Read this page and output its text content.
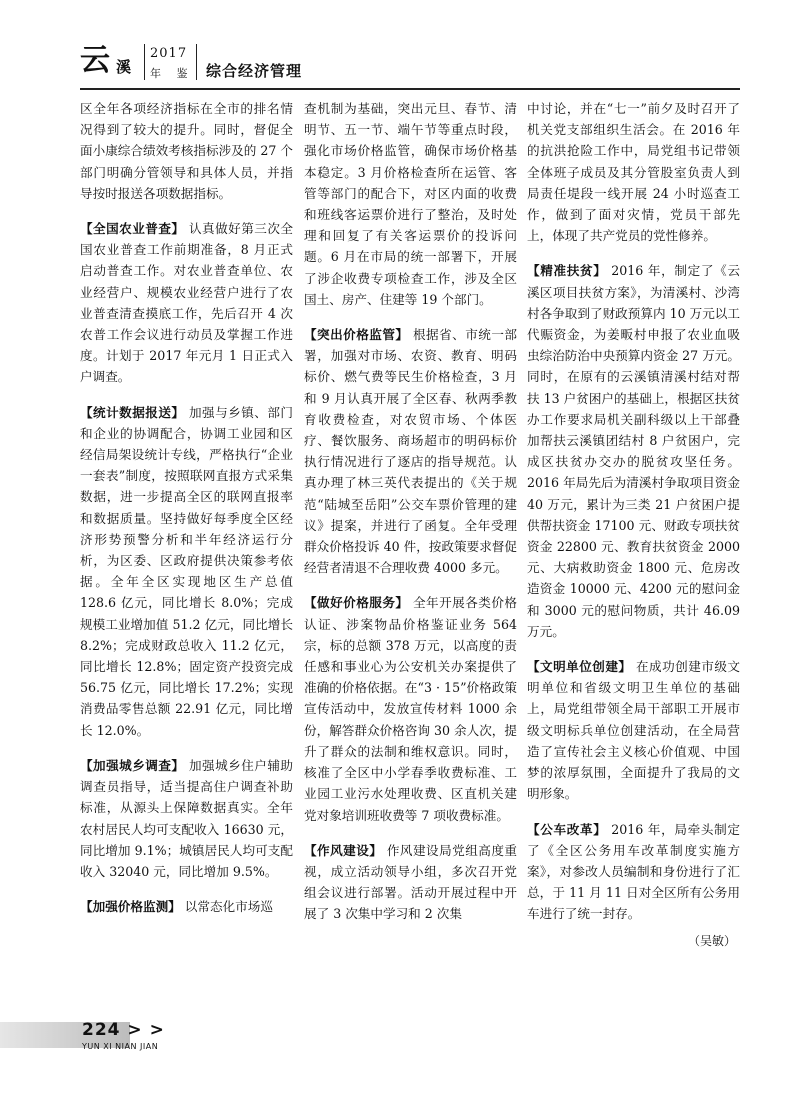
云 溪
2017
年 鉴 综合经济管理

区全年各项经济指标在全市的排名情况得到了较大的提升。同时，督促全面小康综合绩效考核指标涉及的 27 个部门明确分管领导和具体人员，并指导按时报送各项数据指标。

【全国农业普查】 认真做好第三次全国农业普查工作前期准备，8 月正式启动普查工作。对农业普查单位、农业经营户、规模农业经营户进行了农业普查清查摸底工作，先后召开 4 次农普工作会议进行动员及掌握工作进度。计划于 2017 年元月 1 日正式入户调查。

【统计数据报送】 加强与乡镇、部门和企业的协调配合，协调工业园和区经信局架设统计专线，严格执行“企业一套表”制度，按照联网直报方式采集数据，进一步提高全区的联网直报率和数据质量。坚持做好每季度全区经济形势预警分析和半年经济运行分析，为区委、区政府提供决策参考依据。全年全区实现地区生产总值 128.6 亿元，同比增长 8.0%；完成规模工业增加值 51.2 亿元，同比增长 8.2%；完成财政总收入 11.2 亿元，同比增长 12.8%；固定资产投资完成 56.75 亿元，同比增长 17.2%；实现消费品零售总额 22.91 亿元，同比增长 12.0%。

【加强城乡调查】 加强城乡住户辅助调查员指导，适当提高住户调查补助标准，从源头上保障数据真实。全年农村居民人均可支配收入 16630 元，同比增加 9.1%；城镇居民人均可支配收入 32040 元，同比增加 9.5%。

【加强价格监测】 以常态化市场巡

查机制为基础，突出元旦、春节、清明节、五一节、端午节等重点时段，强化市场价格监管，确保市场价格基本稳定。3 月价格检查所在运管、客管等部门的配合下，对区内面的收费和班线客运票价进行了整治，及时处理和回复了有关客运票价的投诉问题。6 月在市局的统一部署下，开展了涉企收费专项检查工作，涉及全区国土、房产、住建等 19 个部门。

【突出价格监管】 根据省、市统一部署，加强对市场、农资、教育、明码标价、燃气费等民生价格检查，3 月和 9 月认真开展了全区春、秋两季教育收费检查，对农贸市场、个体医疗、餐饮服务、商场超市的明码标价执行情况进行了逐店的指导规范。认真办理了林三英代表提出的《关于规范“陆城至岳阳”公交车票价管理的建议》提案，并进行了函复。全年受理群众价格投诉 40 件，按政策要求督促经营者清退不合理收费 4000 多元。

【做好价格服务】 全年开展各类价格认证、涉案物品价格鉴证业务 564 宗，标的总额 378 万元，以高度的责任感和事业心为公安机关办案提供了准确的价格依据。在“3 · 15”价格政策宣传活动中，发放宣传材料 1000 余份，解答群众价格咨询 30 余人次，提升了群众的法制和维权意识。同时，核准了全区中小学春季收费标准、工业园工业污水处理收费、区直机关建党对象培训班收费等 7 项收费标准。

【作风建设】 作风建设局党组高度重视，成立活动领导小组，多次召开党组会议进行部署。活动开展过程中开展了 3 次集中学习和 2 次集

中讨论，并在“七一”前夕及时召开了机关党支部组织生活会。在 2016 年的抗洪抢险工作中，局党组书记带领全体班子成员及其分管股室负责人到局责任堤段一线开展 24 小时巡查工作，做到了面对灾情，党员干部先上，体现了共产党员的党性修养。

【精准扶贫】 2016 年，制定了《云溪区项目扶贫方案》，为清溪村、沙湾村各争取到了财政预算内 10 万元以工代赈资金，为姜畈村申报了农业血吸虫综治防治中央预算内资金 27 万元。同时，在原有的云溪镇清溪村结对帮扶 13 户贫困户的基础上，根据区扶贫办工作要求局机关副科级以上干部叠加帮扶云溪镇团结村 8 户贫困户，完成区扶贫办交办的脱贫攻坚任务。2016 年局先后为清溪村争取项目资金 40 万元，累计为三类 21 户贫困户提供帮扶资金 17100 元、财政专项扶贫资金 22800 元、教育扶贫资金 2000 元、大病救助资金 1800 元、危房改造资金 10000 元、4200 元的慰问金和 3000 元的慰问物质，共计 46.09 万元。

【文明单位创建】 在成功创建市级文明单位和省级文明卫生单位的基础上，局党组带领全局干部职工开展市级文明标兵单位创建活动，在全局营造了宣传社会主义核心价值观、中国梦的浓厚氛围，全面提升了我局的文明形象。

【公车改革】 2016 年，局牵头制定了《全区公务用车改革制度实施方案》，对参改人员编制和身份进行了汇总，于 11 月 11 日对全区所有公务用车进行了统一封存。

（吴敏）
224 > >
YUN XI NIAN JIAN
